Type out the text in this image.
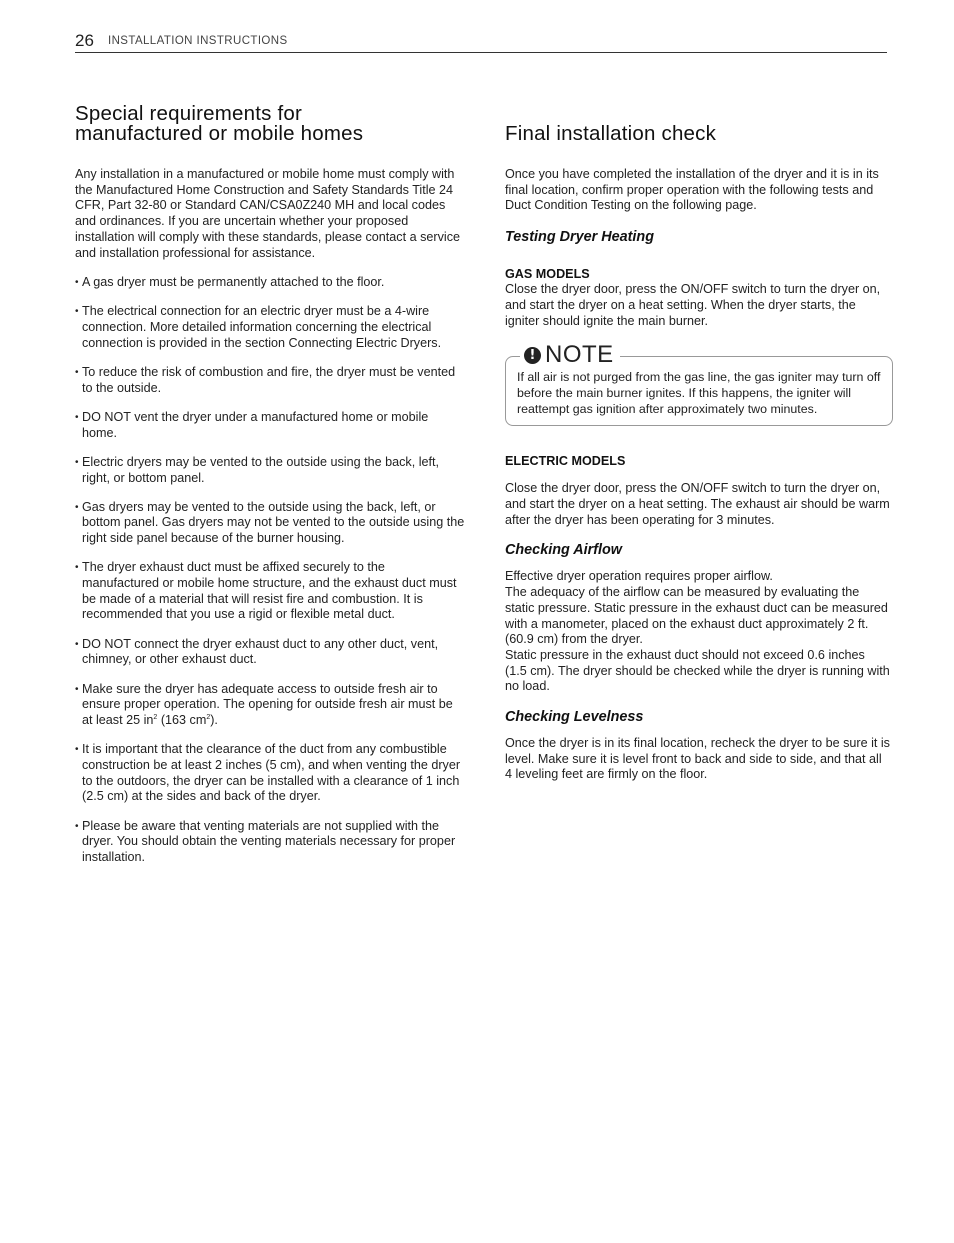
26 INSTALLATION INSTRUCTIONS
Special requirements for
manufactured or mobile homes

Any installation in a manufactured or mobile home must comply with the Manufactured Home Construction and Safety Standards Title 24 CFR, Part 32-80 or Standard CAN/CSA0Z240 MH and local codes and ordinances. If you are uncertain whether your proposed installation will comply with these standards, please contact a service and installation professional for assistance.

• A gas dryer must be permanently attached to the floor.
• The electrical connection for an electric dryer must be a 4-wire connection. More detailed information concerning the electrical connection is provided in the section Connecting Electric Dryers.
• To reduce the risk of combustion and fire, the dryer must be vented to the outside.
• DO NOT vent the dryer under a manufactured home or mobile home.
• Electric dryers may be vented to the outside using the back, left, right, or bottom panel.
• Gas dryers may be vented to the outside using the back, left, or bottom panel. Gas dryers may not be vented to the outside using the right side panel because of the burner housing.
• The dryer exhaust duct must be affixed securely to the manufactured or mobile home structure, and the exhaust duct must be made of a material that will resist fire and combustion. It is recommended that you use a rigid or flexible metal duct.
• DO NOT connect the dryer exhaust duct to any other duct, vent, chimney, or other exhaust duct.
• Make sure the dryer has adequate access to outside fresh air to ensure proper operation. The opening for outside fresh air must be at least 25 $in^2$ (163 $cm^2$).
• It is important that the clearance of the duct from any combustible construction be at least 2 inches (5 cm), and when venting the dryer to the outdoors, the dryer can be installed with a clearance of 1 inch (2.5 cm) at the sides and back of the dryer.
• Please be aware that venting materials are not supplied with the dryer. You should obtain the venting materials necessary for proper installation.
Final installation check

Once you have completed the installation of the dryer and it is in its final location, confirm proper operation with the following tests and Duct Condition Testing on the following page.

Testing Dryer Heating
GAS MODELS

Close the dryer door, press the ON/OFF switch to turn the dryer on, and start the dryer on a heat setting. When the dryer starts, the igniter should ignite the main burner.

! NOTE

If all air is not purged from the gas line, the gas igniter may turn off before the main burner ignites. If this happens, the igniter will reattempt gas ignition after approximately two minutes.

ELECTRIC MODELS

Close the dryer door, press the ON/OFF switch to turn the dryer on, and start the dryer on a heat setting. The exhaust air should be warm after the dryer has been operating for 3 minutes.

Checking Airflow

Effective dryer operation requires proper airflow.

The adequacy of the airflow can be measured by evaluating the static pressure. Static pressure in the exhaust duct can be measured with a manometer, placed on the exhaust duct approximately 2 ft. (60.9 cm) from the dryer.

Static pressure in the exhaust duct should not exceed 0.6 inches (1.5 cm). The dryer should be checked while the dryer is running with no load.

Checking Levelness

Once the dryer is in its final location, recheck the dryer to be sure it is level. Make sure it is level front to back and side to side, and that all 4 leveling feet are firmly on the floor.
